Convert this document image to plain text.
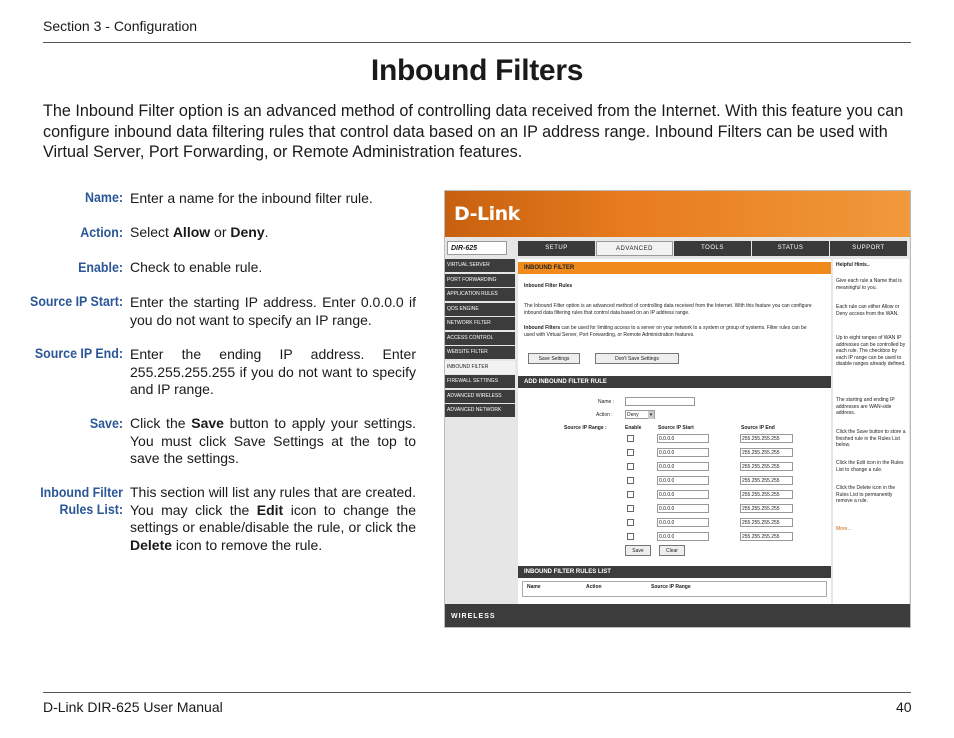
Section 3 - Configuration
Inbound Filters
The Inbound Filter option is an advanced method of controlling data received from the Internet. With this feature you can configure inbound data filtering rules that control data based on an IP address range. Inbound Filters can be used with Virtual Server, Port Forwarding, or Remote Administration features.
Name: Enter a name for the inbound filter rule.
Action: Select Allow or Deny.
Enable: Check to enable rule.
Source IP Start: Enter the starting IP address. Enter 0.0.0.0 if you do not want to specify an IP range.
Source IP End: Enter the ending IP address. Enter 255.255.255.255 if you do not want to specify and IP range.
Save: Click the Save button to apply your settings. You must click Save Settings at the top to save the settings.
Inbound Filter
Rules List:
This section will list any rules that are created. You may click the Edit icon to change the settings or enable/disable the rule, or click the Delete icon to remove the rule.
D-Link
DIR-625	SETUP	ADVANCED	TOOLS	STATUS	SUPPORT
VIRTUAL SERVER
PORT FORWARDING
APPLICATION RULES
QOS ENGINE
NETWORK FILTER
ACCESS CONTROL
WEBSITE FILTER
INBOUND FILTER
FIREWALL SETTINGS
ADVANCED WIRELESS
ADVANCED NETWORK
INBOUND FILTER
Inbound Filter Rules
The Inbound Filter option is an advanced method of controlling data received from the Internet. With this feature you can configure inbound data filtering rules that control data based on an IP address range.
Inbound Filters can be used for limiting access to a server on your network to a system or group of systems. Filter rules can be used with Virtual Server, Port Forwarding, or Remote Administration features.
Save Settings	Don't Save Settings
ADD INBOUND FILTER RULE
Name :
Action :	Deny	▾
Source IP Range :	Enable	Source IP Start	Source IP End
0.0.0.0	255.255.255.255
0.0.0.0	255.255.255.255
0.0.0.0	255.255.255.255
0.0.0.0	255.255.255.255
0.0.0.0	255.255.255.255
0.0.0.0	255.255.255.255
0.0.0.0	255.255.255.255
0.0.0.0	255.255.255.255
Save	Clear
INBOUND FILTER RULES LIST
Name	Action	Source IP Range
Helpful Hints..
Give each rule a Name that is meaningful to you.
Each rule can either Allow or Deny access from the WAN.
Up to eight ranges of WAN IP addresses can be controlled by each rule. The checkbox by each IP range can be used to disable ranges already defined.
The starting and ending IP addresses are WAN-side address.
Click the Save button to store a finished rule in the Rules List below.
Click the Edit icon in the Rules List to change a rule.
Click the Delete icon in the Rules List to permanently remove a rule.
More...
WIRELESS
D-Link DIR-625 User Manual	40
